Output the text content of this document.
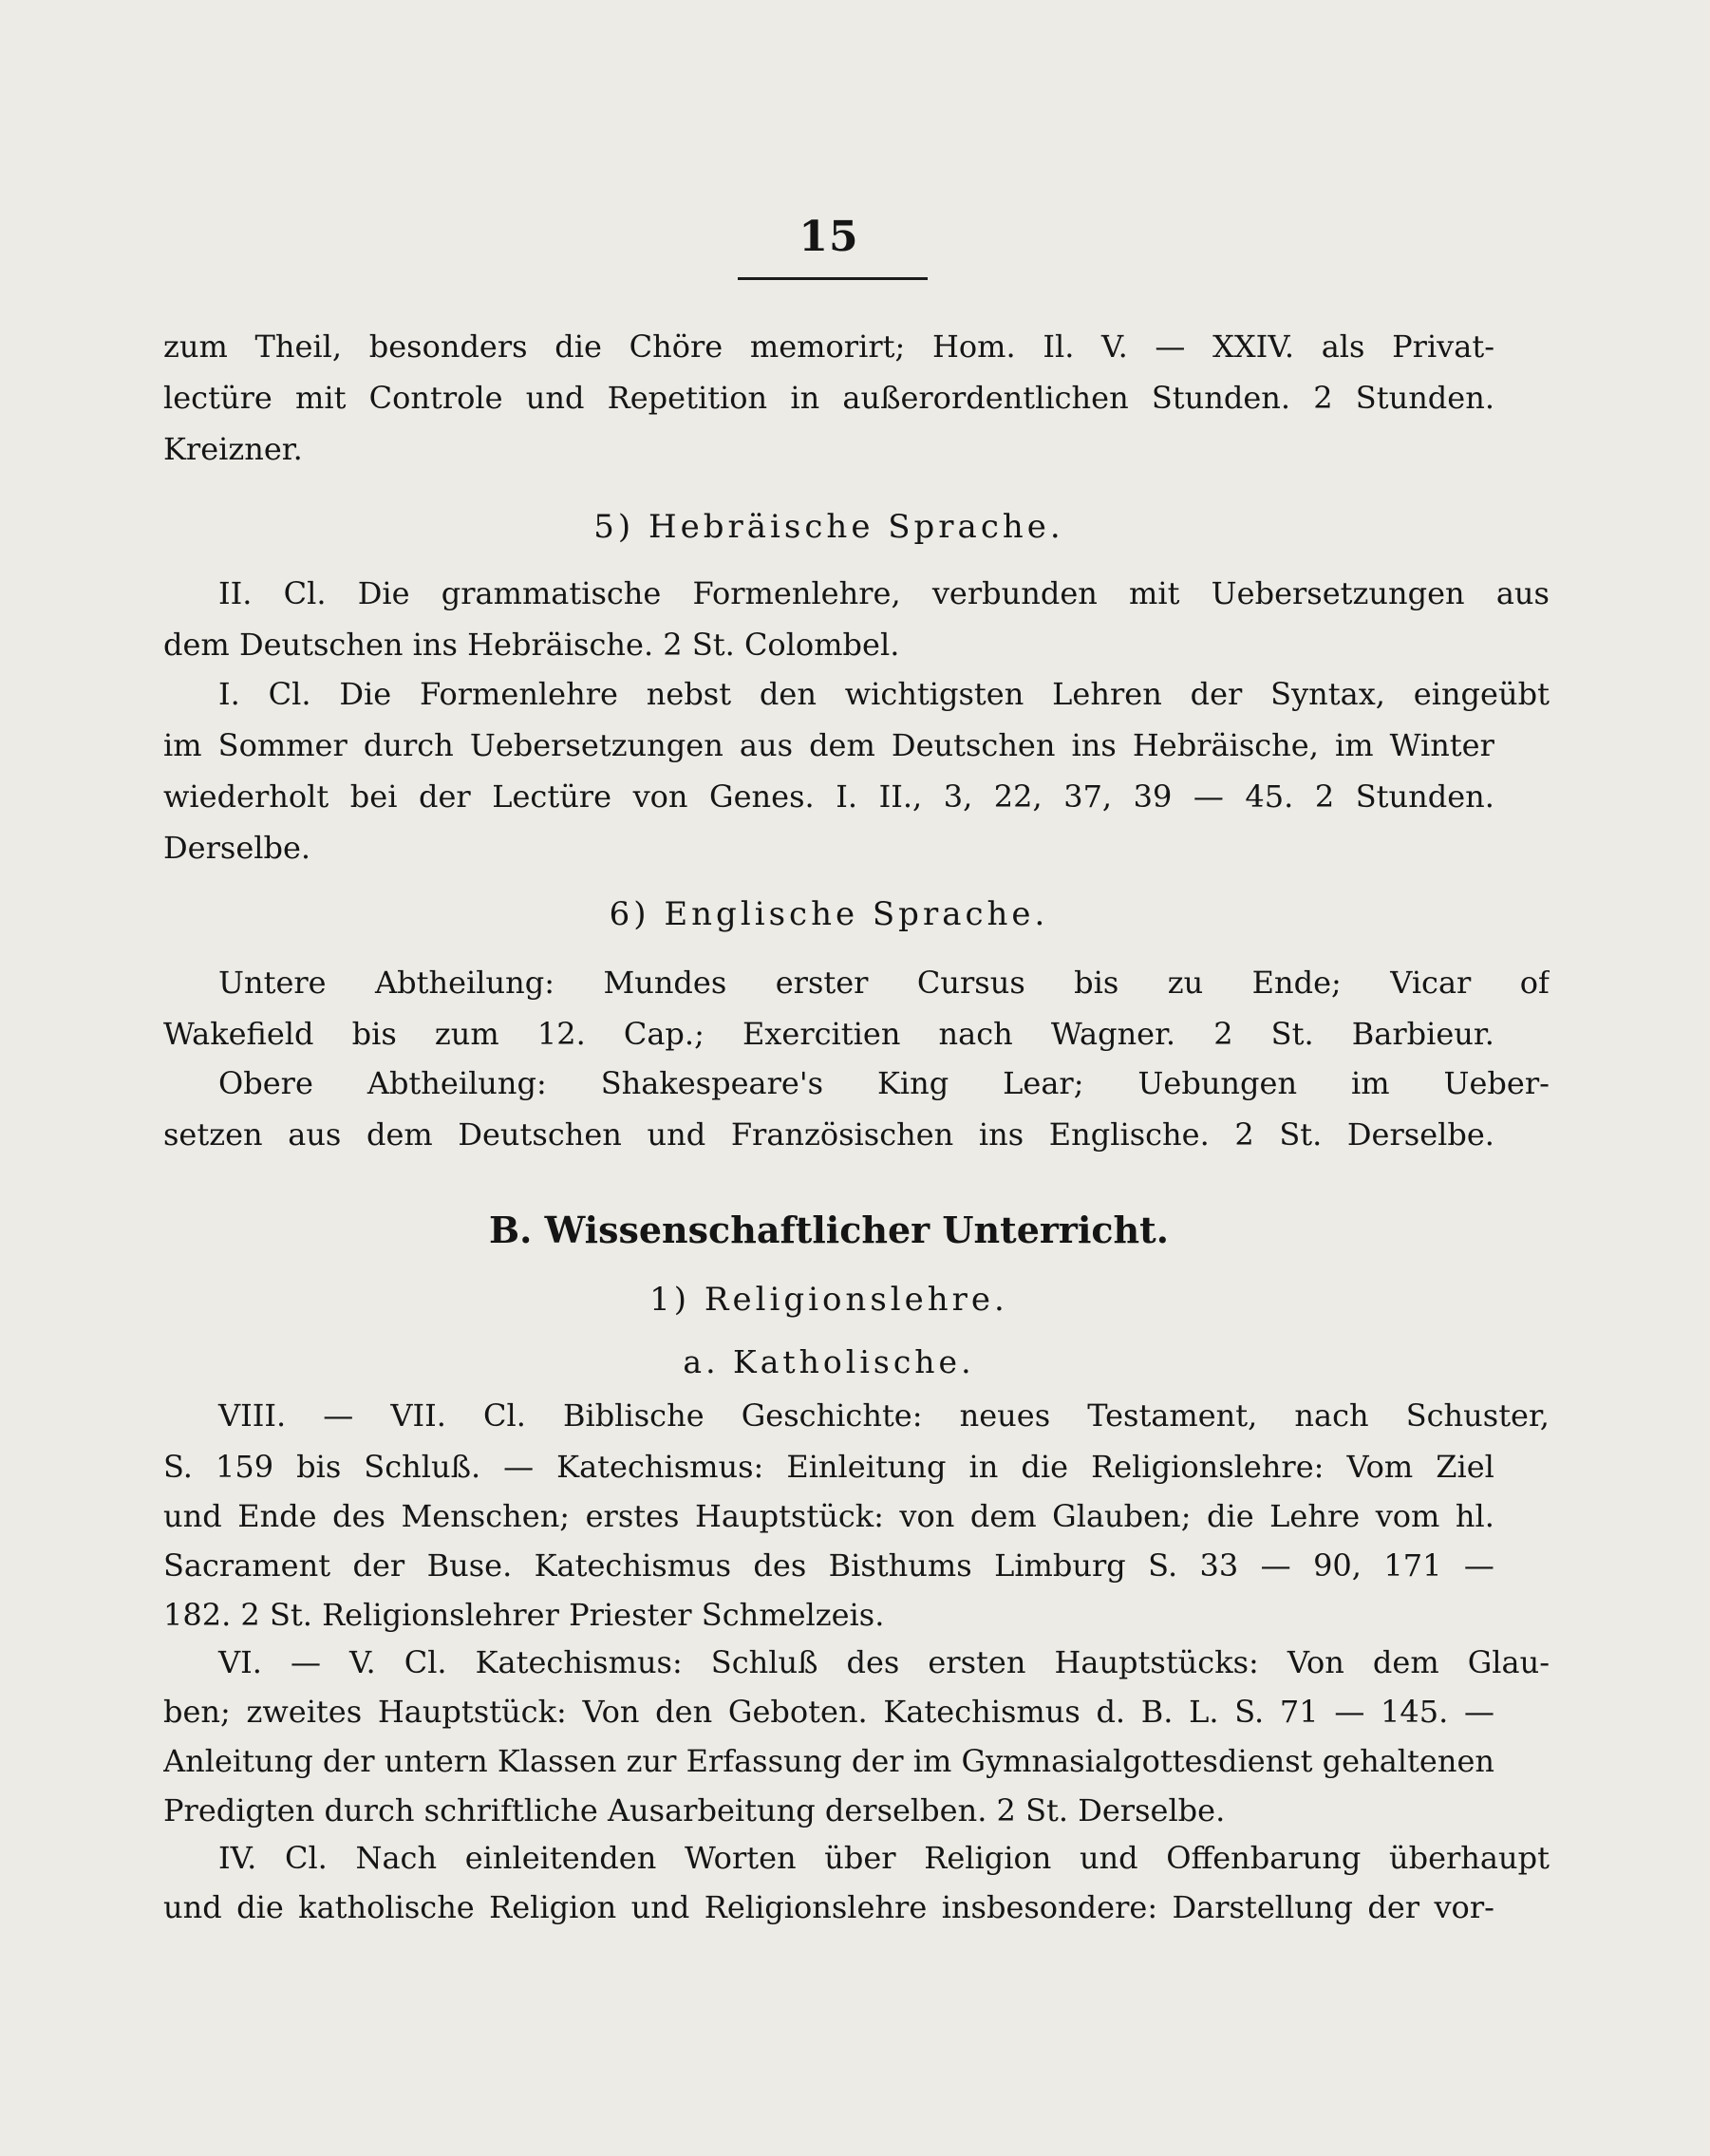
15
zum Theil, besonders die Chöre memorirt; Hom. Il. V. — XXIV. als Privat-
lectüre mit Controle und Repetition in außerordentlichen Stunden. 2 Stunden.
Kreizner.
5) Hebräische Sprache.
II. Cl. Die grammatische Formenlehre, verbunden mit Uebersetzungen aus
dem Deutschen ins Hebräische. 2 St. Colombel.
I. Cl. Die Formenlehre nebst den wichtigsten Lehren der Syntax, eingeübt
im Sommer durch Uebersetzungen aus dem Deutschen ins Hebräische, im Winter
wiederholt bei der Lectüre von Genes. I. II., 3, 22, 37, 39 — 45. 2 Stunden.
Derselbe.
6) Englische Sprache.
Untere Abtheilung: Mundes erster Cursus bis zu Ende; Vicar of
Wakefield bis zum 12. Cap.; Exercitien nach Wagner. 2 St. Barbieur.
Obere Abtheilung: Shakespeare's King Lear; Uebungen im Ueber-
setzen aus dem Deutschen und Französischen ins Englische. 2 St. Derselbe.
B. Wissenschaftlicher Unterricht.
1) Religionslehre.
a. Katholische.
VIII. — VII. Cl. Biblische Geschichte: neues Testament, nach Schuster,
S. 159 bis Schluß. — Katechismus: Einleitung in die Religionslehre: Vom Ziel
und Ende des Menschen; erstes Hauptstück: von dem Glauben; die Lehre vom hl.
Sacrament der Buse. Katechismus des Bisthums Limburg S. 33 — 90, 171 —
182. 2 St. Religionslehrer Priester Schmelzeis.
VI. — V. Cl. Katechismus: Schluß des ersten Hauptstücks: Von dem Glau-
ben; zweites Hauptstück: Von den Geboten. Katechismus d. B. L. S. 71 — 145. —
Anleitung der untern Klassen zur Erfassung der im Gymnasialgottesdienst gehaltenen
Predigten durch schriftliche Ausarbeitung derselben. 2 St. Derselbe.
IV. Cl. Nach einleitenden Worten über Religion und Offenbarung überhaupt
und die katholische Religion und Religionslehre insbesondere: Darstellung der vor-
